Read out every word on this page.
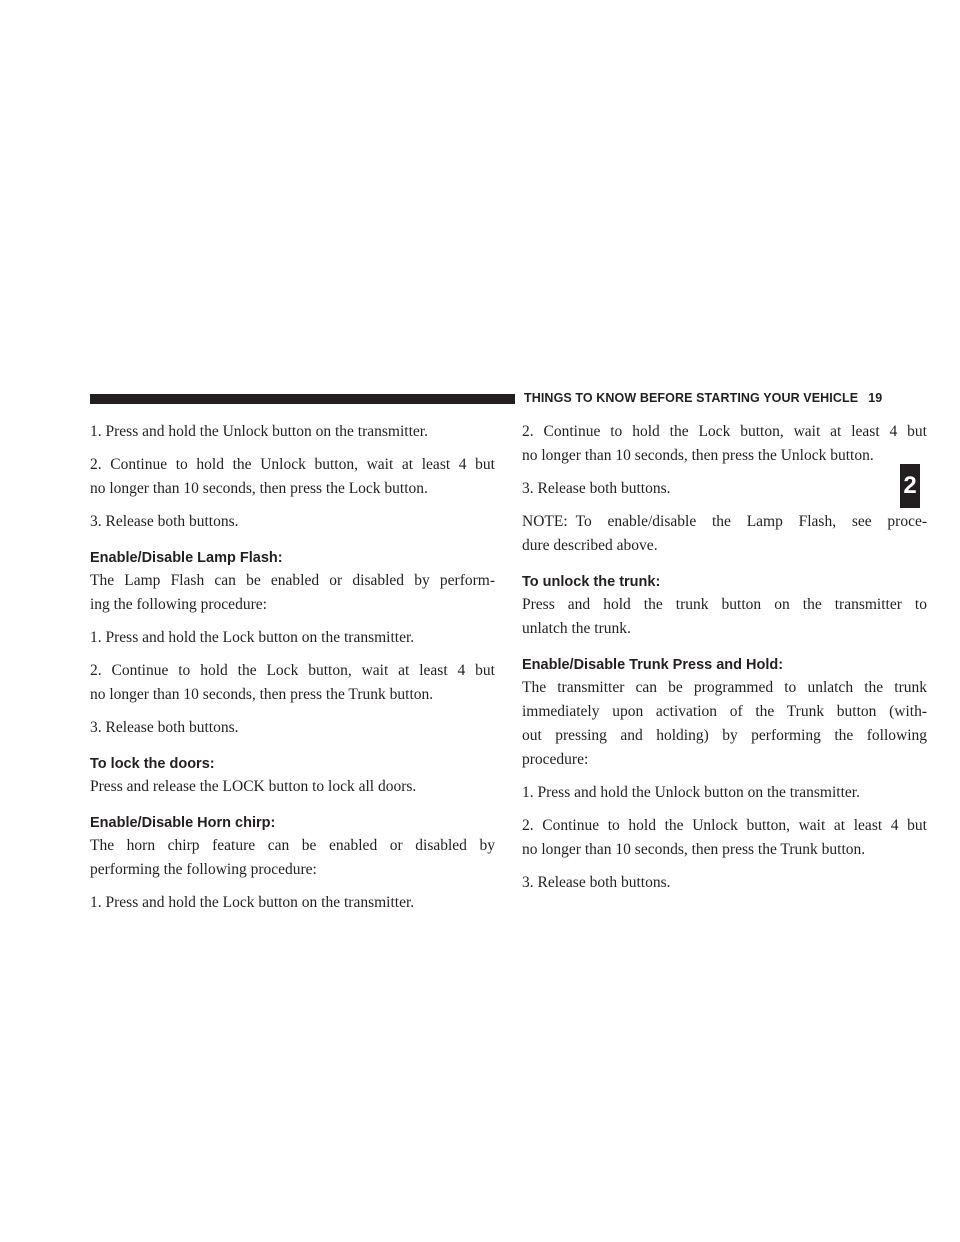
THINGS TO KNOW BEFORE STARTING YOUR VEHICLE 19
2

1. Press and hold the Unlock button on the transmitter.

2. Continue to hold the Unlock button, wait at least 4 but
no longer than 10 seconds, then press the Lock button.

3. Release both buttons.

Enable/Disable Lamp Flash:

The Lamp Flash can be enabled or disabled by perform-
ing the following procedure:

1. Press and hold the Lock button on the transmitter.

2. Continue to hold the Lock button, wait at least 4 but
no longer than 10 seconds, then press the Trunk button.

3. Release both buttons.

To lock the doors:

Press and release the LOCK button to lock all doors.

Enable/Disable Horn chirp:

The horn chirp feature can be enabled or disabled by
performing the following procedure:

1. Press and hold the Lock button on the transmitter.

2. Continue to hold the Lock button, wait at least 4 but
no longer than 10 seconds, then press the Unlock button.

3. Release both buttons.

NOTE: To enable/disable the Lamp Flash, see proce-
dure described above.

To unlock the trunk:

Press and hold the trunk button on the transmitter to
unlatch the trunk.

Enable/Disable Trunk Press and Hold:

The transmitter can be programmed to unlatch the trunk
immediately upon activation of the Trunk button (with-
out pressing and holding) by performing the following
procedure:

1. Press and hold the Unlock button on the transmitter.

2. Continue to hold the Unlock button, wait at least 4 but
no longer than 10 seconds, then press the Trunk button.

3. Release both buttons.
